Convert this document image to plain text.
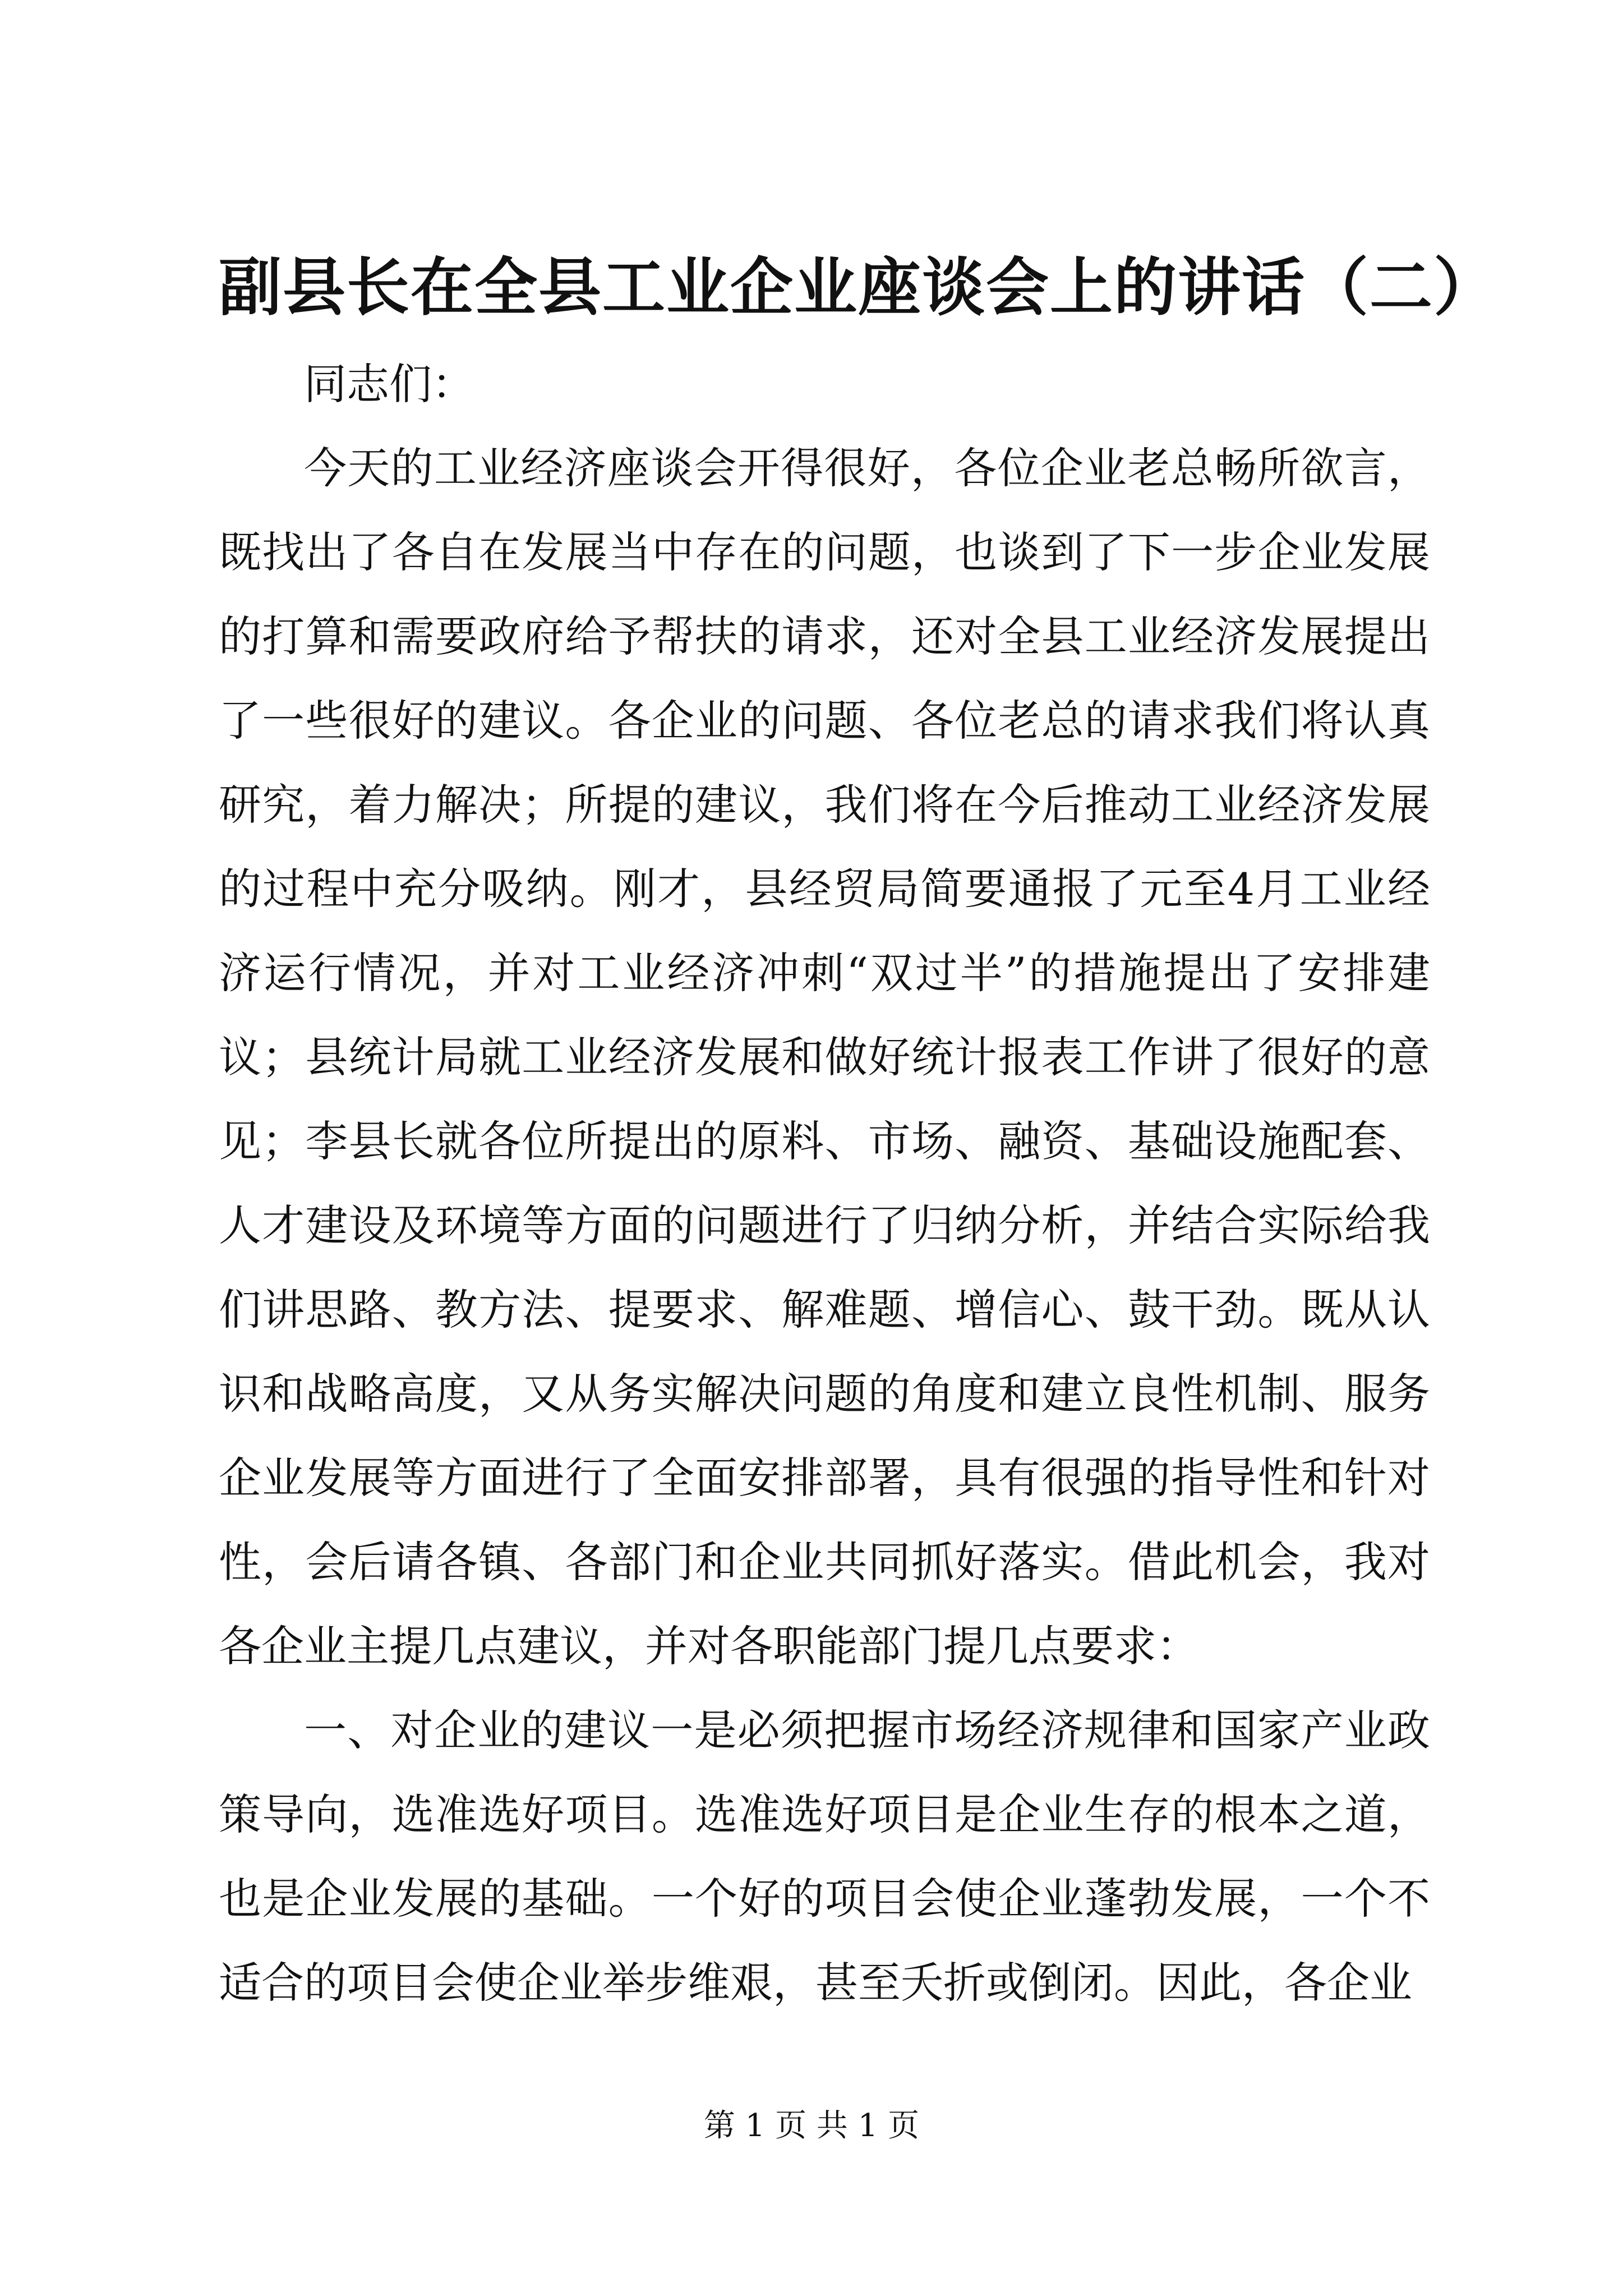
副县长在全县工业企业座谈会上的讲话（二）

同志们：

今天的工业经济座谈会开得很好，各位企业老总畅所欲言，既找出了各自在发展当中存在的问题，也谈到了下一步企业发展的打算和需要政府给予帮扶的请求，还对全县工业经济发展提出了一些很好的建议。各企业的问题、各位老总的请求我们将认真研究，着力解决；所提的建议，我们将在今后推动工业经济发展的过程中充分吸纳。刚才，县经贸局简要通报了元至4月工业经济运行情况，并对工业经济冲刺“双过半”的措施提出了安排建议；县统计局就工业经济发展和做好统计报表工作讲了很好的意见；李县长就各位所提出的原料、市场、融资、基础设施配套、人才建设及环境等方面的问题进行了归纳分析，并结合实际给我们讲思路、教方法、提要求、解难题、增信心、鼓干劲。既从认识和战略高度，又从务实解决问题的角度和建立良性机制、服务企业发展等方面进行了全面安排部署，具有很强的指导性和针对性，会后请各镇、各部门和企业共同抓好落实。借此机会，我对各企业主提几点建议，并对各职能部门提几点要求：

一、对企业的建议一是必须把握市场经济规律和国家产业政策导向，选准选好项目。选准选好项目是企业生存的根本之道，也是企业发展的基础。一个好的项目会使企业蓬勃发展，一个不适合的项目会使企业举步维艰，甚至夭折或倒闭。因此，各企业

第 1 页 共 1 页
